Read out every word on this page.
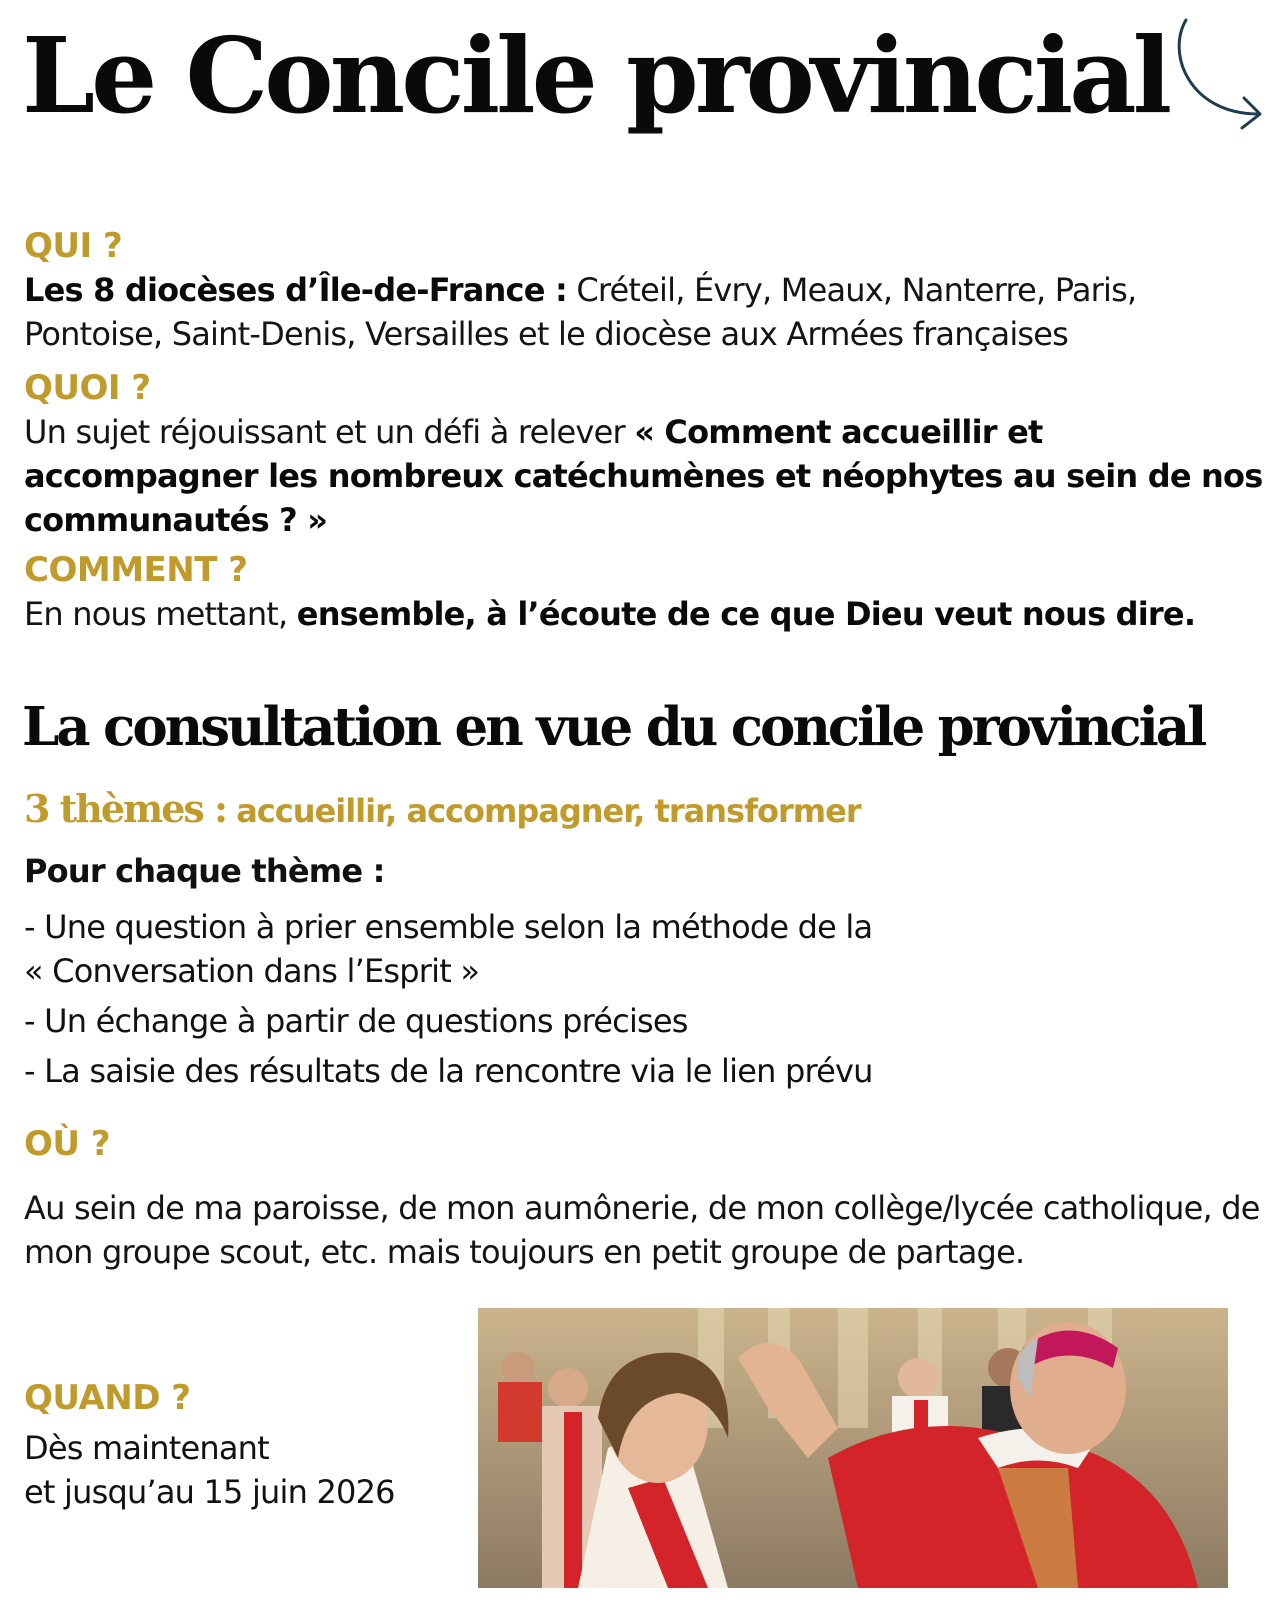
Le Concile provincial
QUI ?

Les 8 diocèses d’Île-de-France : Créteil, Évry, Meaux, Nanterre, Paris, Pontoise, Saint-Denis, Versailles et le diocèse aux Armées françaises

QUOI ?

Un sujet réjouissant et un défi à relever « Comment accueillir et accompagner les nombreux catéchumènes et néophytes au sein de nos communautés ? »

COMMENT ?

En nous mettant, ensemble, à l’écoute de ce que Dieu veut nous dire.

La consultation en vue du concile provincial
3 thèmes : accueillir, accompagner, transformer
Pour chaque thème :
- Une question à prier ensemble selon la méthode de la
« Conversation dans l’Esprit »
- Un échange à partir de questions précises
- La saisie des résultats de la rencontre via le lien prévu
OÙ ?

Au sein de ma paroisse, de mon aumônerie, de mon collège/lycée catholique, de mon groupe scout, etc. mais toujours en petit groupe de partage.

QUAND ?
Dès maintenant
et jusqu’au 15 juin 2026
